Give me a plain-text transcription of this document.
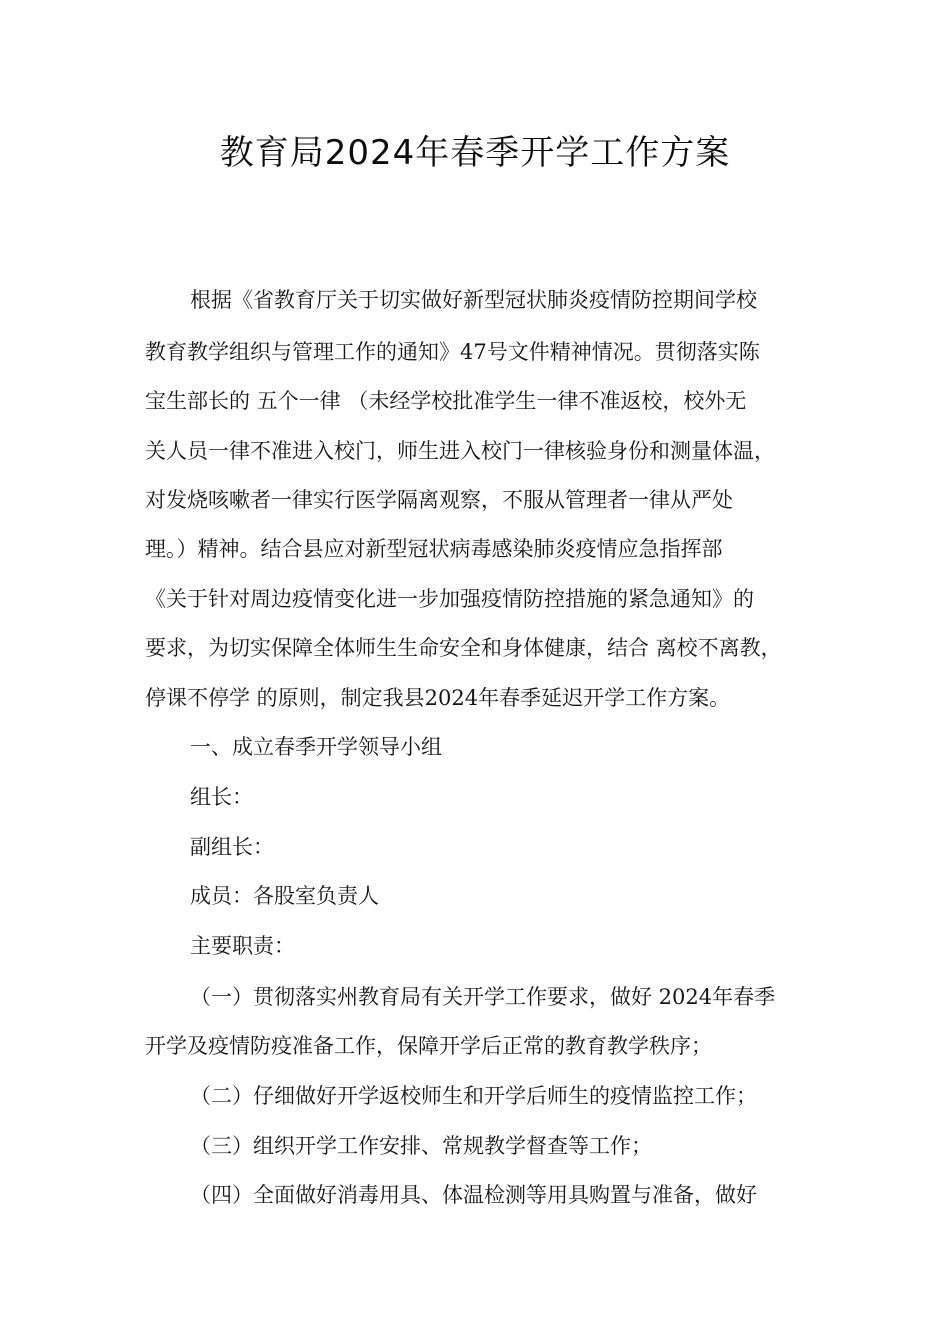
教育局2024年春季开学工作方案
根据《省教育厅关于切实做好新型冠状肺炎疫情防控期间学校
教育教学组织与管理工作的通知》47号文件精神情况。贯彻落实陈
宝生部长的 五个一律 （未经学校批准学生一律不准返校，校外无
关人员一律不准进入校门，师生进入校门一律核验身份和测量体温，
对发烧咳嗽者一律实行医学隔离观察，不服从管理者一律从严处
理。）精神。结合县应对新型冠状病毒感染肺炎疫情应急指挥部
《关于针对周边疫情变化进一步加强疫情防控措施的紧急通知》的
要求，为切实保障全体师生生命安全和身体健康，结合 离校不离教，
停课不停学 的原则，制定我县2024年春季延迟开学工作方案。
一、成立春季开学领导小组
组长：
副组长：
成员：各股室负责人
主要职责：
（一）贯彻落实州教育局有关开学工作要求，做好 2024年春季
开学及疫情防疫准备工作，保障开学后正常的教育教学秩序；
（二）仔细做好开学返校师生和开学后师生的疫情监控工作；
（三）组织开学工作安排、常规教学督查等工作；
（四）全面做好消毒用具、体温检测等用具购置与准备，做好
